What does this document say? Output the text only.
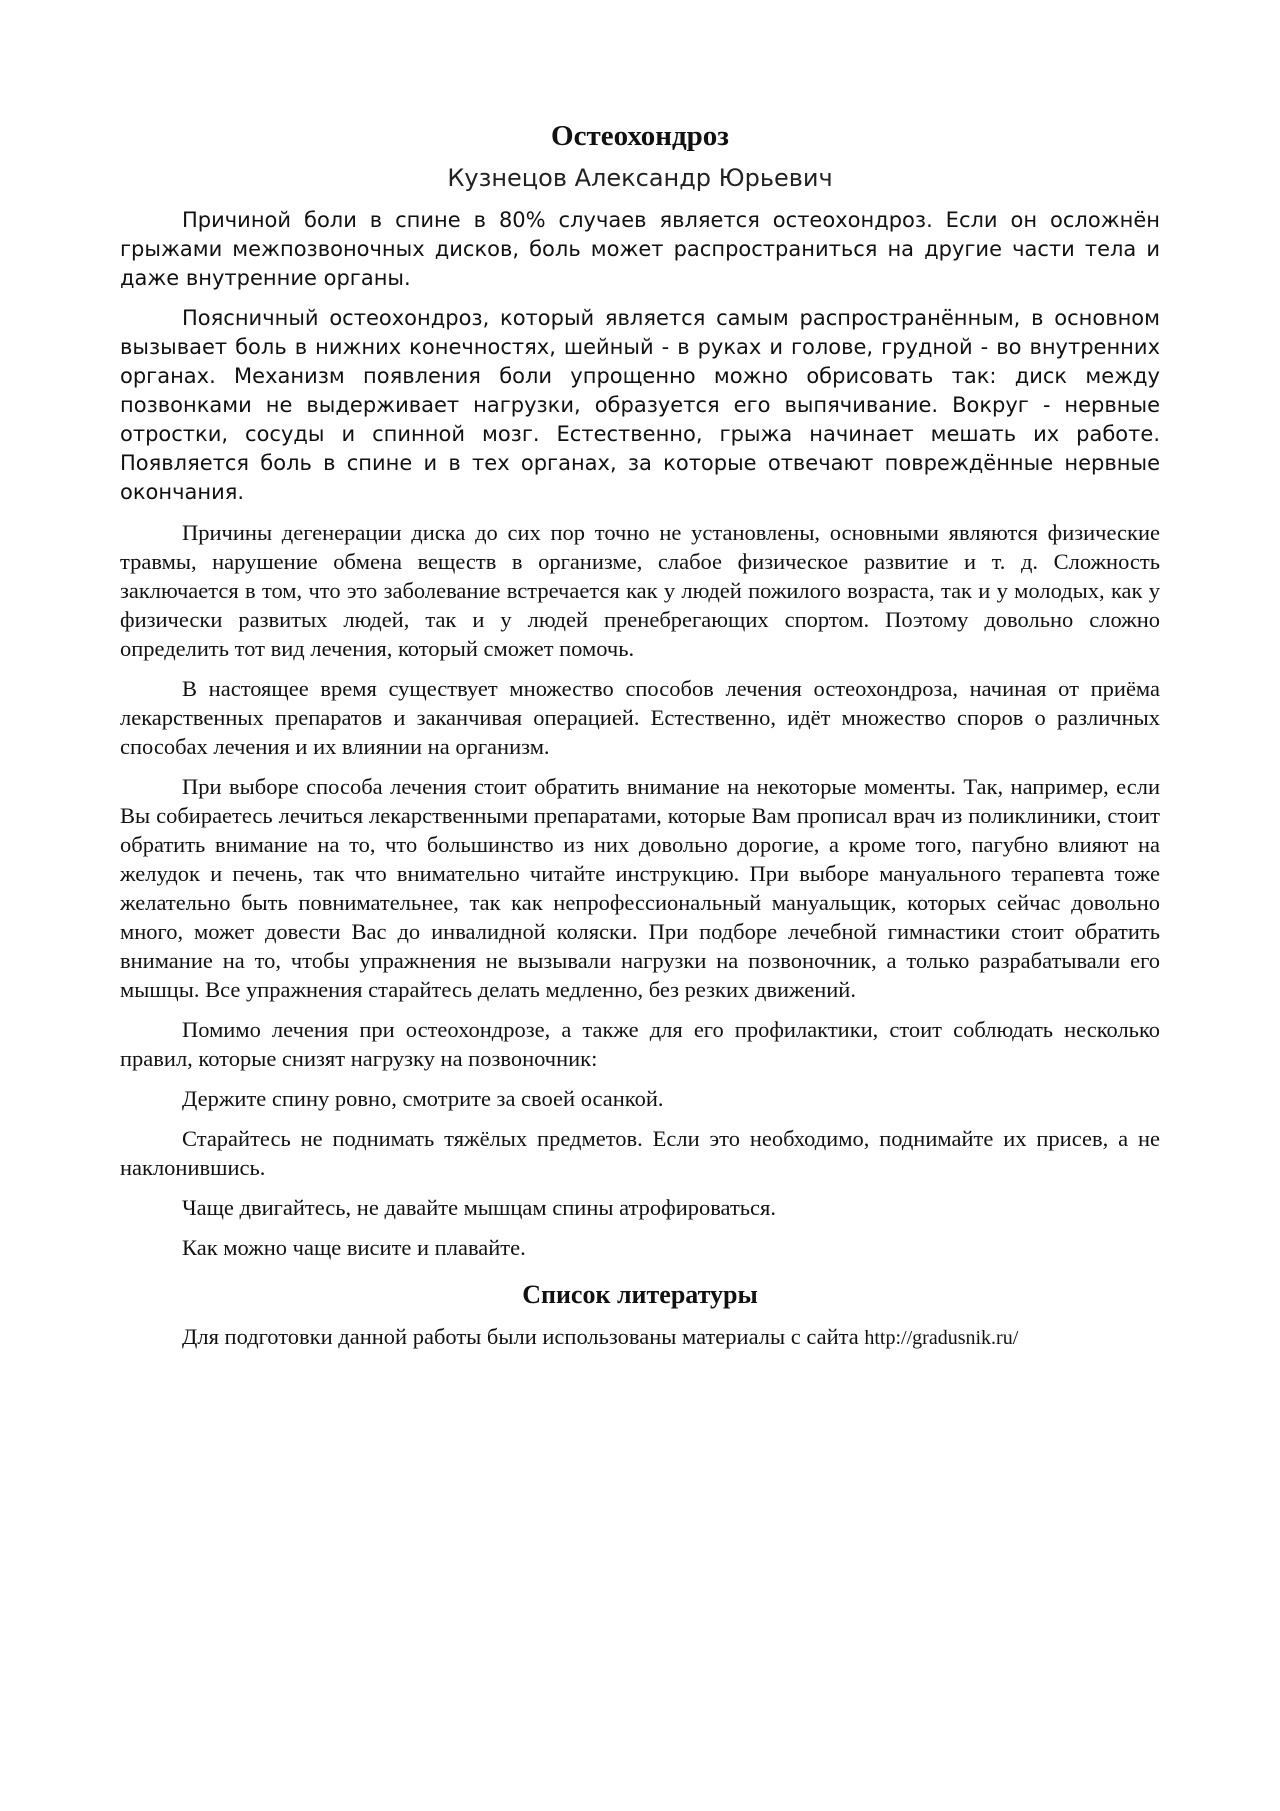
Остеохондроз
Кузнецов Александр Юрьевич

Причиной боли в спине в 80% случаев является остеохондроз. Если он осложнён грыжами межпозвоночных дисков, боль может распространиться на другие части тела и даже внутренние органы.

Поясничный остеохондроз, который является самым распространённым, в основном вызывает боль в нижних конечностях, шейный - в руках и голове, грудной - во внутренних органах. Механизм появления боли упрощенно можно обрисовать так: диск между позвонками не выдерживает нагрузки, образуется его выпячивание. Вокруг - нервные отростки, сосуды и спинной мозг. Естественно, грыжа начинает мешать их работе. Появляется боль в спине и в тех органах, за которые отвечают повреждённые нервные окончания.

Причины дегенерации диска до сих пор точно не установлены, основными являются физические травмы, нарушение обмена веществ в организме, слабое физическое развитие и т. д. Сложность заключается в том, что это заболевание встречается как у людей пожилого возраста, так и у молодых, как у физически развитых людей, так и у людей пренебрегающих спортом. Поэтому довольно сложно определить тот вид лечения, который сможет помочь.

В настоящее время существует множество способов лечения остеохондроза, начиная от приёма лекарственных препаратов и заканчивая операцией. Естественно, идёт множество споров о различных способах лечения и их влиянии на организм.

При выборе способа лечения стоит обратить внимание на некоторые моменты. Так, например, если Вы собираетесь лечиться лекарственными препаратами, которые Вам прописал врач из поликлиники, стоит обратить внимание на то, что большинство из них довольно дорогие, а кроме того, пагубно влияют на желудок и печень, так что внимательно читайте инструкцию. При выборе мануального терапевта тоже желательно быть повнимательнее, так как непрофессиональный мануальщик, которых сейчас довольно много, может довести Вас до инвалидной коляски. При подборе лечебной гимнастики стоит обратить внимание на то, чтобы упражнения не вызывали нагрузки на позвоночник, а только разрабатывали его мышцы. Все упражнения старайтесь делать медленно, без резких движений.

Помимо лечения при остеохондрозе, а также для его профилактики, стоит соблюдать несколько правил, которые снизят нагрузку на позвоночник:

Держите спину ровно, смотрите за своей осанкой.

Старайтесь не поднимать тяжёлых предметов. Если это необходимо, поднимайте их присев, а не наклонившись.

Чаще двигайтесь, не давайте мышцам спины атрофироваться.

Как можно чаще висите и плавайте.

Список литературы

Для подготовки данной работы были использованы материалы с сайта http://gradusnik.ru/
